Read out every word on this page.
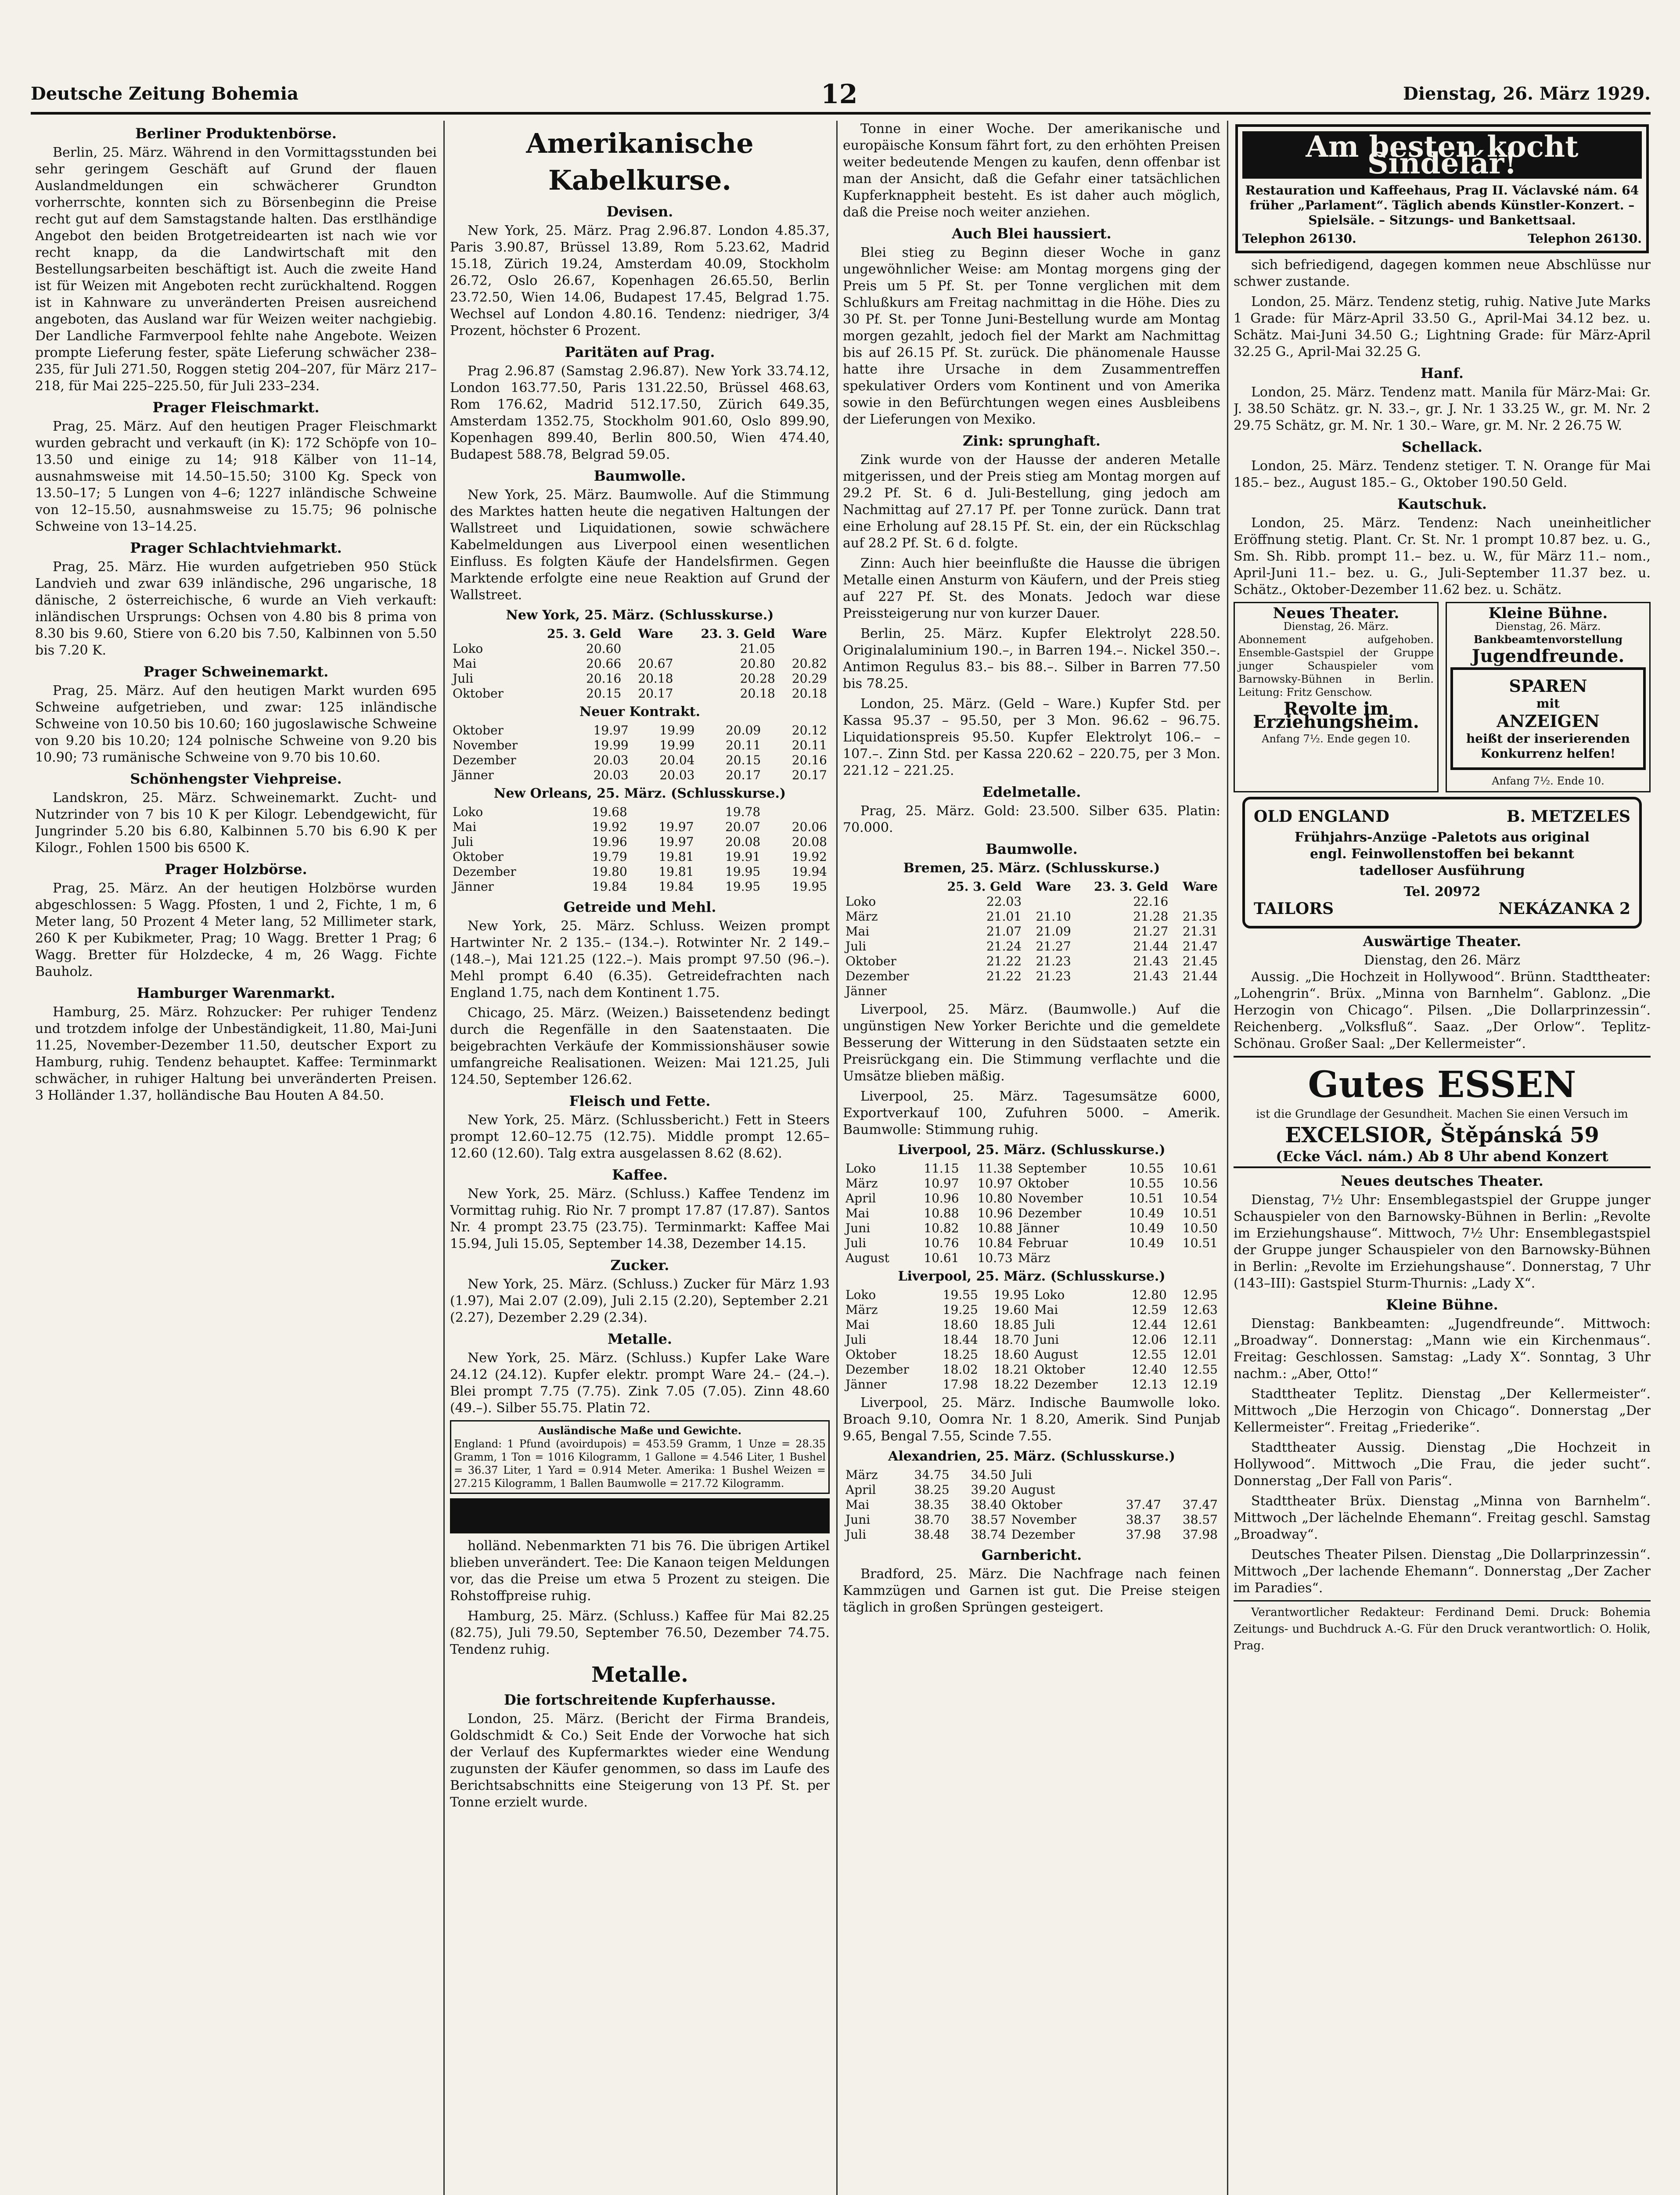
Deutsche Zeitung Bohemia	12	Dienstag, 26. März 1929.
Berliner Produktenbörse.

Berlin, 25. März. Während in den Vormittagsstunden bei sehr geringem Geschäft auf Grund der flauen Auslandmeldungen ein schwächerer Grundton vorherrschte, konnten sich zu Börsenbeginn die Preise recht gut auf dem Samstagstande halten. Das erstlhändige Angebot den beiden Brotgetreidearten ist nach wie vor recht knapp, da die Landwirtschaft mit den Bestellungsarbeiten beschäftigt ist. Auch die zweite Hand ist für Weizen mit Angeboten recht zurückhaltend. Roggen ist in Kahnware zu unveränderten Preisen ausreichend angeboten, das Ausland war für Weizen weiter nachgiebig. Der Landliche Farmverpool fehlte nahe Angebote. Weizen prompte Lieferung fester, späte Lieferung schwächer 238–235, für Juli 271.50, Roggen stetig 204–207, für März 217–218, für Mai 225–225.50, für Juli 233–234.

Prager Fleischmarkt.

Prag, 25. März. Auf den heutigen Prager Fleischmarkt wurden gebracht und verkauft (in K): 172 Schöpfe von 10–13.50 und einige zu 14; 918 Kälber von 11–14, ausnahmsweise mit 14.50–15.50; 3100 Kg. Speck von 13.50–17; 5 Lungen von 4–6; 1227 inländische Schweine von 12–15.50, ausnahmsweise zu 15.75; 96 polnische Schweine von 13–14.25.

Prager Schlachtviehmarkt.

Prag, 25. März. Hie wurden aufgetrieben 950 Stück Landvieh und zwar 639 inländische, 296 ungarische, 18 dänische, 2 österreichische, 6 wurde an Vieh verkauft: inländischen Ursprungs: Ochsen von 4.80 bis 8 prima von 8.30 bis 9.60, Stiere von 6.20 bis 7.50, Kalbinnen von 5.50 bis 7.20 K.

Prager Schweinemarkt.

Prag, 25. März. Auf den heutigen Markt wurden 695 Schweine aufgetrieben, und zwar: 125 inländische Schweine von 10.50 bis 10.60; 160 jugoslawische Schweine von 9.20 bis 10.20; 124 polnische Schweine von 9.20 bis 10.90; 73 rumänische Schweine von 9.70 bis 10.60.

Schönhengster Viehpreise.

Landskron, 25. März. Schweinemarkt. Zucht- und Nutzrinder von 7 bis 10 K per Kilogr. Lebendgewicht, für Jungrinder 5.20 bis 6.80, Kalbinnen 5.70 bis 6.90 K per Kilogr., Fohlen 1500 bis 6500 K.

Prager Holzbörse.

Prag, 25. März. An der heutigen Holzbörse wurden abgeschlossen: 5 Wagg. Pfosten, 1 und 2, Fichte, 1 m, 6 Meter lang, 50 Prozent 4 Meter lang, 52 Millimeter stark, 260 K per Kubikmeter, Prag; 10 Wagg. Bretter 1 Prag; 6 Wagg. Bretter für Holzdecke, 4 m, 26 Wagg. Fichte Bauholz.

Hamburger Warenmarkt.

Hamburg, 25. März. Rohzucker: Per ruhiger Tendenz und trotzdem infolge der Unbeständigkeit, 11.80, Mai-Juni 11.25, November-Dezember 11.50, deutscher Export zu Hamburg, ruhig. Tendenz behauptet. Kaffee: Terminmarkt schwächer, in ruhiger Haltung bei unveränderten Preisen. 3 Holländer 1.37, holländische Bau Houten A 84.50.

Amerikanische Kabelkurse.
Devisen.

New York, 25. März. Prag 2.96.87. London 4.85.37, Paris 3.90.87, Brüssel 13.89, Rom 5.23.62, Madrid 15.18, Zürich 19.24, Amsterdam 40.09, Stockholm 26.72, Oslo 26.67, Kopenhagen 26.65.50, Berlin 23.72.50, Wien 14.06, Budapest 17.45, Belgrad 1.75. Wechsel auf London 4.80.16. Tendenz: niedriger, 3/4 Prozent, höchster 6 Prozent.

Paritäten auf Prag.

Prag 2.96.87 (Samstag 2.96.87). New York 33.74.12, London 163.77.50, Paris 131.22.50, Brüssel 468.63, Rom 176.62, Madrid 512.17.50, Zürich 649.35, Amsterdam 1352.75, Stockholm 901.60, Oslo 899.90, Kopenhagen 899.40, Berlin 800.50, Wien 474.40, Budapest 588.78, Belgrad 59.05.

Baumwolle.

New York, 25. März. Baumwolle. Auf die Stimmung des Marktes hatten heute die negativen Haltungen der Wallstreet und Liquidationen, sowie schwächere Kabelmeldungen aus Liverpool einen wesentlichen Einfluss. Es folgten Käufe der Handelsfirmen. Gegen Marktende erfolgte eine neue Reaktion auf Grund der Wallstreet.

New York, 25. März. (Schlusskurse.)
	25. 3. Geld	Ware	23. 3. Geld	Ware
Loko	20.60		21.05	
Mai	20.66	20.67	20.80	20.82
Juli	20.16	20.18	20.28	20.29
Oktober	20.15	20.17	20.18	20.18
Neuer Kontrakt.
Oktober	19.97	19.99	20.09	20.12
November	19.99	19.99	20.11	20.11
Dezember	20.03	20.04	20.15	20.16
Jänner	20.03	20.03	20.17	20.17
New Orleans, 25. März. (Schlusskurse.)
Loko	19.68		19.78	
Mai	19.92	19.97	20.07	20.06
Juli	19.96	19.97	20.08	20.08
Oktober	19.79	19.81	19.91	19.92
Dezember	19.80	19.81	19.95	19.94
Jänner	19.84	19.84	19.95	19.95
Getreide und Mehl.

New York, 25. März. Schluss. Weizen prompt Hartwinter Nr. 2 135.– (134.–). Rotwinter Nr. 2 149.– (148.–), Mai 121.25 (122.–). Mais prompt 97.50 (96.–). Mehl prompt 6.40 (6.35). Getreidefrachten nach England 1.75, nach dem Kontinent 1.75.

Chicago, 25. März. (Weizen.) Baissetendenz bedingt durch die Regenfälle in den Saatenstaaten. Die beigebrachten Verkäufe der Kommissionshäuser sowie umfangreiche Realisationen. Weizen: Mai 121.25, Juli 124.50, September 126.62.

Fleisch und Fette.

New York, 25. März. (Schlussbericht.) Fett in Steers prompt 12.60–12.75 (12.75). Middle prompt 12.65–12.60 (12.60). Talg extra ausgelassen 8.62 (8.62).

Kaffee.

New York, 25. März. (Schluss.) Kaffee Tendenz im Vormittag ruhig. Rio Nr. 7 prompt 17.87 (17.87). Santos Nr. 4 prompt 23.75 (23.75). Terminmarkt: Kaffee Mai 15.94, Juli 15.05, September 14.38, Dezember 14.15.

Zucker.

New York, 25. März. (Schluss.) Zucker für März 1.93 (1.97), Mai 2.07 (2.09), Juli 2.15 (2.20), September 2.21 (2.27), Dezember 2.29 (2.34).

Metalle.

New York, 25. März. (Schluss.) Kupfer Lake Ware 24.12 (24.12). Kupfer elektr. prompt Ware 24.– (24.–). Blei prompt 7.75 (7.75). Zink 7.05 (7.05). Zinn 48.60 (49.–). Silber 55.75. Platin 72.

Ausländische Maße und Gewichte.
England: 1 Pfund (avoirdupois) = 453.59 Gramm, 1 Unze = 28.35 Gramm, 1 Ton = 1016 Kilogramm, 1 Gallone = 4.546 Liter, 1 Bushel = 36.37 Liter, 1 Yard = 0.914 Meter. Amerika: 1 Bushel Weizen = 27.215 Kilogramm, 1 Ballen Baumwolle = 217.72 Kilogramm.

holländ. Nebenmarkten 71 bis 76. Die übrigen Artikel blieben unverändert. Tee: Die Kanaon teigen Meldungen vor, das die Preise um etwa 5 Prozent zu steigen. Die Rohstoffpreise ruhig.

Hamburg, 25. März. (Schluss.) Kaffee für Mai 82.25 (82.75), Juli 79.50, September 76.50, Dezember 74.75. Tendenz ruhig.

Metalle.
Die fortschreitende Kupferhausse.

London, 25. März. (Bericht der Firma Brandeis, Goldschmidt & Co.) Seit Ende der Vorwoche hat sich der Verlauf des Kupfermarktes wieder eine Wendung zugunsten der Käufer genommen, so dass im Laufe des Berichtsabschnitts eine Steigerung von 13 Pf. St. per Tonne erzielt wurde.

Tonne in einer Woche. Der amerikanische und europäische Konsum fährt fort, zu den erhöhten Preisen weiter bedeutende Mengen zu kaufen, denn offenbar ist man der Ansicht, daß die Gefahr einer tatsächlichen Kupferknappheit besteht. Es ist daher auch möglich, daß die Preise noch weiter anziehen.

Auch Blei haussiert.

Blei stieg zu Beginn dieser Woche in ganz ungewöhnlicher Weise: am Montag morgens ging der Preis um 5 Pf. St. per Tonne verglichen mit dem Schlußkurs am Freitag nachmittag in die Höhe. Dies zu 30 Pf. St. per Tonne Juni-Bestellung wurde am Montag morgen gezahlt, jedoch fiel der Markt am Nachmittag bis auf 26.15 Pf. St. zurück. Die phänomenale Hausse hatte ihre Ursache in dem Zusammentreffen spekulativer Orders vom Kontinent und von Amerika sowie in den Befürchtungen wegen eines Ausbleibens der Lieferungen von Mexiko.

Zink: sprunghaft.

Zink wurde von der Hausse der anderen Metalle mitgerissen, und der Preis stieg am Montag morgen auf 29.2 Pf. St. 6 d. Juli-Bestellung, ging jedoch am Nachmittag auf 27.17 Pf. per Tonne zurück. Dann trat eine Erholung auf 28.15 Pf. St. ein, der ein Rückschlag auf 28.2 Pf. St. 6 d. folgte.

Zinn: Auch hier beeinflußte die Hausse die übrigen Metalle einen Ansturm von Käufern, und der Preis stieg auf 227 Pf. St. des Monats. Jedoch war diese Preissteigerung nur von kurzer Dauer.

Berlin, 25. März. Kupfer Elektrolyt 228.50. Originalaluminium 190.–, in Barren 194.–. Nickel 350.–. Antimon Regulus 83.– bis 88.–. Silber in Barren 77.50 bis 78.25.

London, 25. März. (Geld – Ware.) Kupfer Std. per Kassa 95.37 – 95.50, per 3 Mon. 96.62 – 96.75. Liquidationspreis 95.50. Kupfer Elektrolyt 106.– – 107.–. Zinn Std. per Kassa 220.62 – 220.75, per 3 Mon. 221.12 – 221.25.

Edelmetalle.

Prag, 25. März. Gold: 23.500. Silber 635. Platin: 70.000.

Baumwolle.
Bremen, 25. März. (Schlusskurse.)
	25. 3. Geld	Ware	23. 3. Geld	Ware
Loko	22.03		22.16	
März	21.01	21.10	21.28	21.35
Mai	21.07	21.09	21.27	21.31
Juli	21.24	21.27	21.44	21.47
Oktober	21.22	21.23	21.43	21.45
Dezember	21.22	21.23	21.43	21.44
Jänner				

Liverpool, 25. März. (Baumwolle.) Auf die ungünstigen New Yorker Berichte und die gemeldete Besserung der Witterung in den Südstaaten setzte ein Preisrückgang ein. Die Stimmung verflachte und die Umsätze blieben mäßig.

Liverpool, 25. März. Tagesumsätze 6000, Exportverkauf 100, Zufuhren 5000. – Amerik. Baumwolle: Stimmung ruhig.

Liverpool, 25. März. (Schlusskurse.)
Loko	11.15	11.38	September	10.55	10.61
März	10.97	10.97	Oktober	10.55	10.56
April	10.96	10.80	November	10.51	10.54
Mai	10.88	10.96	Dezember	10.49	10.51
Juni	10.82	10.88	Jänner	10.49	10.50
Juli	10.76	10.84	Februar	10.49	10.51
August	10.61	10.73	März		
Liverpool, 25. März. (Schlusskurse.)
Loko	19.55	19.95	Loko	12.80	12.95
März	19.25	19.60	Mai	12.59	12.63
Mai	18.60	18.85	Juli	12.44	12.61
Juli	18.44	18.70	Juni	12.06	12.11
Oktober	18.25	18.60	August	12.55	12.01
Dezember	18.02	18.21	Oktober	12.40	12.55
Jänner	17.98	18.22	Dezember	12.13	12.19

Liverpool, 25. März. Indische Baumwolle loko. Broach 9.10, Oomra Nr. 1 8.20, Amerik. Sind Punjab 9.65, Bengal 7.55, Scinde 7.55.

Alexandrien, 25. März. (Schlusskurse.)
März	34.75	34.50	Juli		
April	38.25	39.20	August		
Mai	38.35	38.40	Oktober	37.47	37.47
Juni	38.70	38.57	November	38.37	38.57
Juli	38.48	38.74	Dezember	37.98	37.98
Garnbericht.

Bradford, 25. März. Die Nachfrage nach feinen Kammzügen und Garnen ist gut. Die Preise steigen täglich in großen Sprüngen gesteigert.

Am besten kocht Sindelár!
Restauration und Kaffeehaus, Prag II. Václavské nám. 64 früher „Parlament“. Täglich abends Künstler-Konzert. – Spielsäle. – Sitzungs- und Bankettsaal.
Telephon 26130.	Telephon 26130.

sich befriedigend, dagegen kommen neue Abschlüsse nur schwer zustande.

London, 25. März. Tendenz stetig, ruhig. Native Jute Marks 1 Grade: für März-April 33.50 G., April-Mai 34.12 bez. u. Schätz. Mai-Juni 34.50 G.; Lightning Grade: für März-April 32.25 G., April-Mai 32.25 G.

Hanf.

London, 25. März. Tendenz matt. Manila für März-Mai: Gr. J. 38.50 Schätz. gr. N. 33.–, gr. J. Nr. 1 33.25 W., gr. M. Nr. 2 29.75 Schätz, gr. M. Nr. 1 30.– Ware, gr. M. Nr. 2 26.75 W.

Schellack.

London, 25. März. Tendenz stetiger. T. N. Orange für Mai 185.– bez., August 185.– G., Oktober 190.50 Geld.

Kautschuk.

London, 25. März. Tendenz: Nach uneinheitlicher Eröffnung stetig. Plant. Cr. St. Nr. 1 prompt 10.87 bez. u. G., Sm. Sh. Ribb. prompt 11.– bez. u. W., für März 11.– nom., April-Juni 11.– bez. u. G., Juli-September 11.37 bez. u. Schätz., Oktober-Dezember 11.62 bez. u. Schätz.

Neues Theater.
Dienstag, 26. März.
Abonnement aufgehoben. Ensemble-Gastspiel der Gruppe junger Schauspieler vom Barnowsky-Bühnen in Berlin. Leitung: Fritz Genschow.
Revolte im Erziehungsheim.
Anfang 7½. Ende gegen 10.
Kleine Bühne.
Dienstag, 26. März.
Bankbeamtenvorstellung
Jugendfreunde.
SPAREN
mit
ANZEIGEN
heißt der inserierenden Konkurrenz helfen!
Anfang 7½. Ende 10.
OLD ENGLAND	B. METZELES
Frühjahrs-Anzüge -Paletots aus original engl. Feinwollenstoffen bei bekannt tadelloser Ausführung
Tel. 20972
TAILORS	NEKÁZANKA 2
Auswärtige Theater.
Dienstag, den 26. März

Aussig. „Die Hochzeit in Hollywood“. Brünn. Stadttheater: „Lohengrin“. Brüx. „Minna von Barnhelm“. Gablonz. „Die Herzogin von Chicago“. Pilsen. „Die Dollarprinzessin“. Reichenberg. „Volksfluß“. Saaz. „Der Orlow“. Teplitz-Schönau. Großer Saal: „Der Kellermeister“.

Gutes ESSEN
ist die Grundlage der Gesundheit. Machen Sie einen Versuch im
EXCELSIOR, Štěpánská 59
(Ecke Václ. nám.) Ab 8 Uhr abend Konzert
Neues deutsches Theater.

Dienstag, 7½ Uhr: Ensemblegastspiel der Gruppe junger Schauspieler von den Barnowsky-Bühnen in Berlin: „Revolte im Erziehungshause“. Mittwoch, 7½ Uhr: Ensemblegastspiel der Gruppe junger Schauspieler von den Barnowsky-Bühnen in Berlin: „Revolte im Erziehungshause“. Donnerstag, 7 Uhr (143–III): Gastspiel Sturm-Thurnis: „Lady X“.

Kleine Bühne.

Dienstag: Bankbeamten: „Jugendfreunde“. Mittwoch: „Broadway“. Donnerstag: „Mann wie ein Kirchenmaus“. Freitag: Geschlossen. Samstag: „Lady X“. Sonntag, 3 Uhr nachm.: „Aber, Otto!“

Stadttheater Teplitz. Dienstag „Der Kellermeister“. Mittwoch „Die Herzogin von Chicago“. Donnerstag „Der Kellermeister“. Freitag „Friederike“.

Stadttheater Aussig. Dienstag „Die Hochzeit in Hollywood“. Mittwoch „Die Frau, die jeder sucht“. Donnerstag „Der Fall von Paris“.

Stadttheater Brüx. Dienstag „Minna von Barnhelm“. Mittwoch „Der lächelnde Ehemann“. Freitag geschl. Samstag „Broadway“.

Deutsches Theater Pilsen. Dienstag „Die Dollarprinzessin“. Mittwoch „Der lachende Ehemann“. Donnerstag „Der Zacher im Paradies“.

Verantwortlicher Redakteur: Ferdinand Demi. Druck: Bohemia Zeitungs- und Buchdruck A.-G. Für den Druck verantwortlich: O. Holik, Prag.
